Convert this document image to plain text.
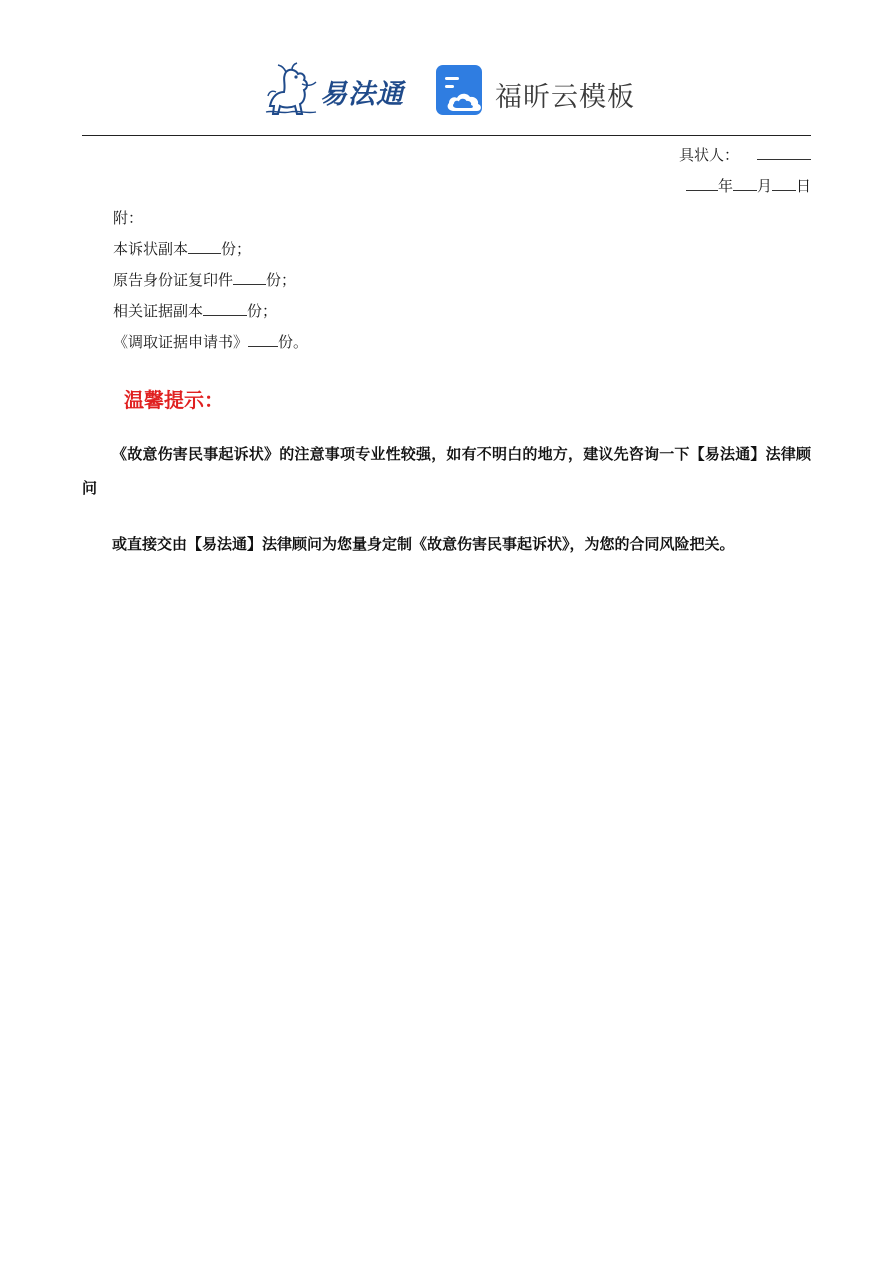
易法通	福昕云模板
具状人：
年 月 日
附：
本诉状副本 份；
原告身份证复印件 份；
相关证据副本	份；
《调取证据申请书》 份。
温馨提示：
《故意伤害民事起诉状》的注意事项专业性较强，如有不明白的地方，建议先咨询一下【易法通】法律顾问
或直接交由【易法通】法律顾问为您量身定制《故意伤害民事起诉状》，为您的合同风险把关。
